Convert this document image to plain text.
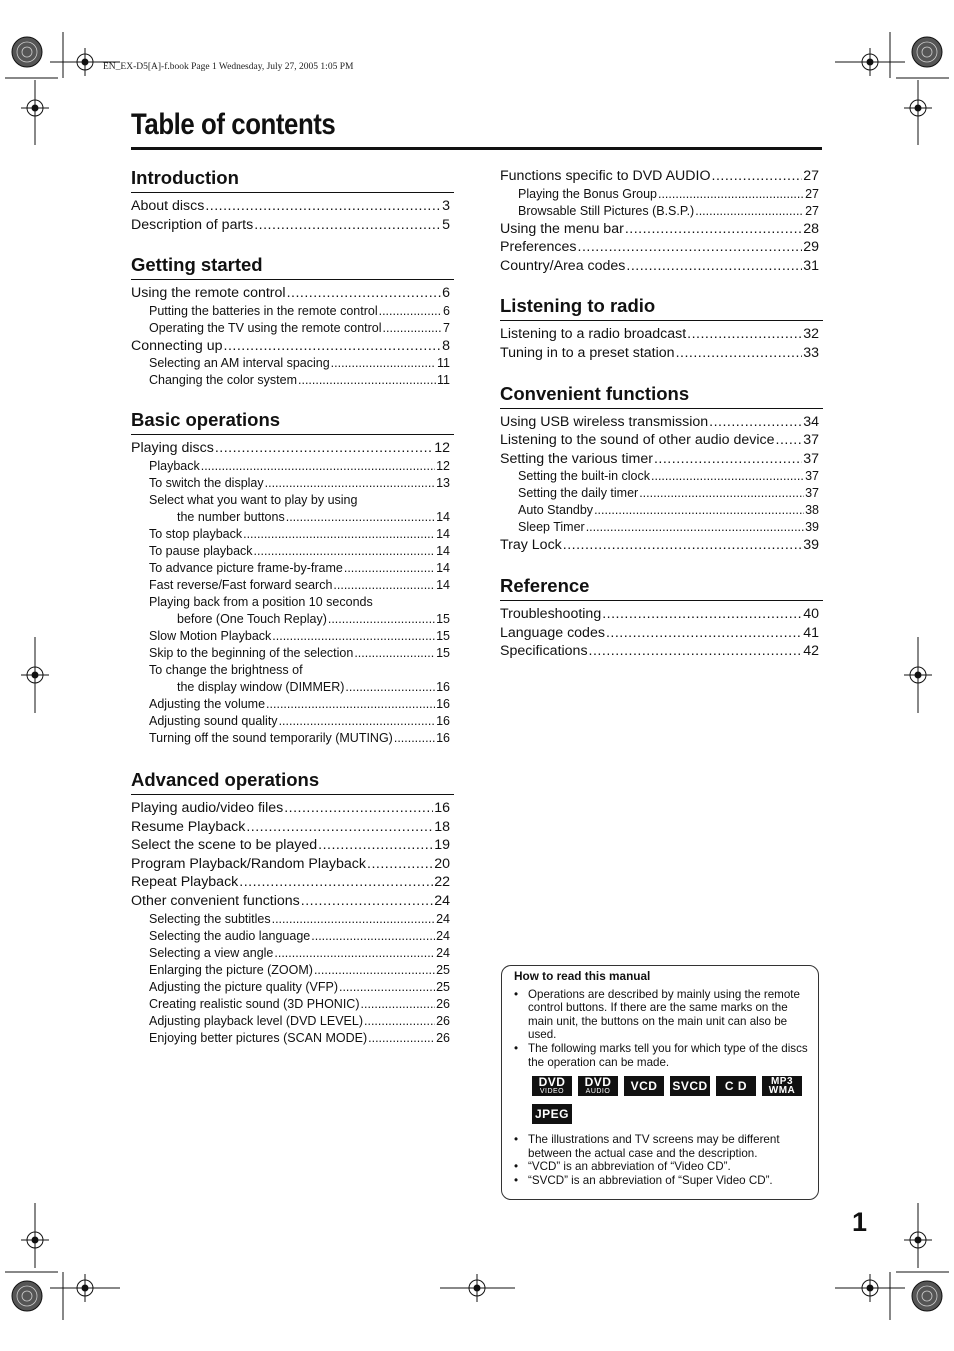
EN_EX-D5[A]-f.book Page 1 Wednesday, July 27, 2005 1:05 PM
Table of contents
Introduction
About discs .....	3
Description of parts .....	5
Getting started
Using the remote control .....	6
Putting the batteries in the remote control .....	6
Operating the TV using the remote control .....	7
Connecting up .....	8
Selecting an AM interval spacing .....	11
Changing the color system .....	11
Basic operations
Playing discs .....	12
Playback .....	12
To switch the display .....	13
Select what you want to play by using
the number buttons .....	14
To stop playback .....	14
To pause playback .....	14
To advance picture frame-by-frame .....	14
Fast reverse/Fast forward search .....	14
Playing back from a position 10 seconds
before (One Touch Replay) .....	15
Slow Motion Playback .....	15
Skip to the beginning of the selection .....	15
To change the brightness of
the display window (DIMMER) .....	16
Adjusting the volume .....	16
Adjusting sound quality .....	16
Turning off the sound temporarily (MUTING) .....	16
Advanced operations
Playing audio/video files .....	16
Resume Playback .....	18
Select the scene to be played .....	19
Program Playback/Random Playback .....	20
Repeat Playback .....	22
Other convenient functions .....	24
Selecting the subtitles .....	24
Selecting the audio language .....	24
Selecting a view angle .....	24
Enlarging the picture (ZOOM) .....	25
Adjusting the picture quality (VFP) .....	25
Creating realistic sound (3D PHONIC) .....	26
Adjusting playback level (DVD LEVEL) .....	26
Enjoying better pictures (SCAN MODE) .....	26
Functions specific to DVD AUDIO .....	27
Playing the Bonus Group .....	27
Browsable Still Pictures (B.S.P.) .....	27
Using the menu bar .....	28
Preferences .....	29
Country/Area codes .....	31
Listening to radio
Listening to a radio broadcast .....	32
Tuning in to a preset station .....	33
Convenient functions
Using USB wireless transmission .....	34
Listening to the sound of other audio device ..... 37
Setting the various timer .....	37
Setting the built-in clock .....	37
Setting the daily timer .....	37
Auto Standby .....	38
Sleep Timer .....	39
Tray Lock .....	39
Reference
Troubleshooting .....	40
Language codes .....	41
Specifications .....	42
How to read this manual
• Operations are described by mainly using the remote control buttons. If there are the same marks on the main unit, the buttons on the main unit can also be used.
• The following marks tell you for which type of the discs the operation can be made.
DVD
VIDEO
DVD
AUDIO VCD SVCD C D MP3
WMA
JPEG
• The illustrations and TV screens may be different between the actual case and the description.
• “VCD” is an abbreviation of “Video CD”.
• “SVCD” is an abbreviation of “Super Video CD”.
1
